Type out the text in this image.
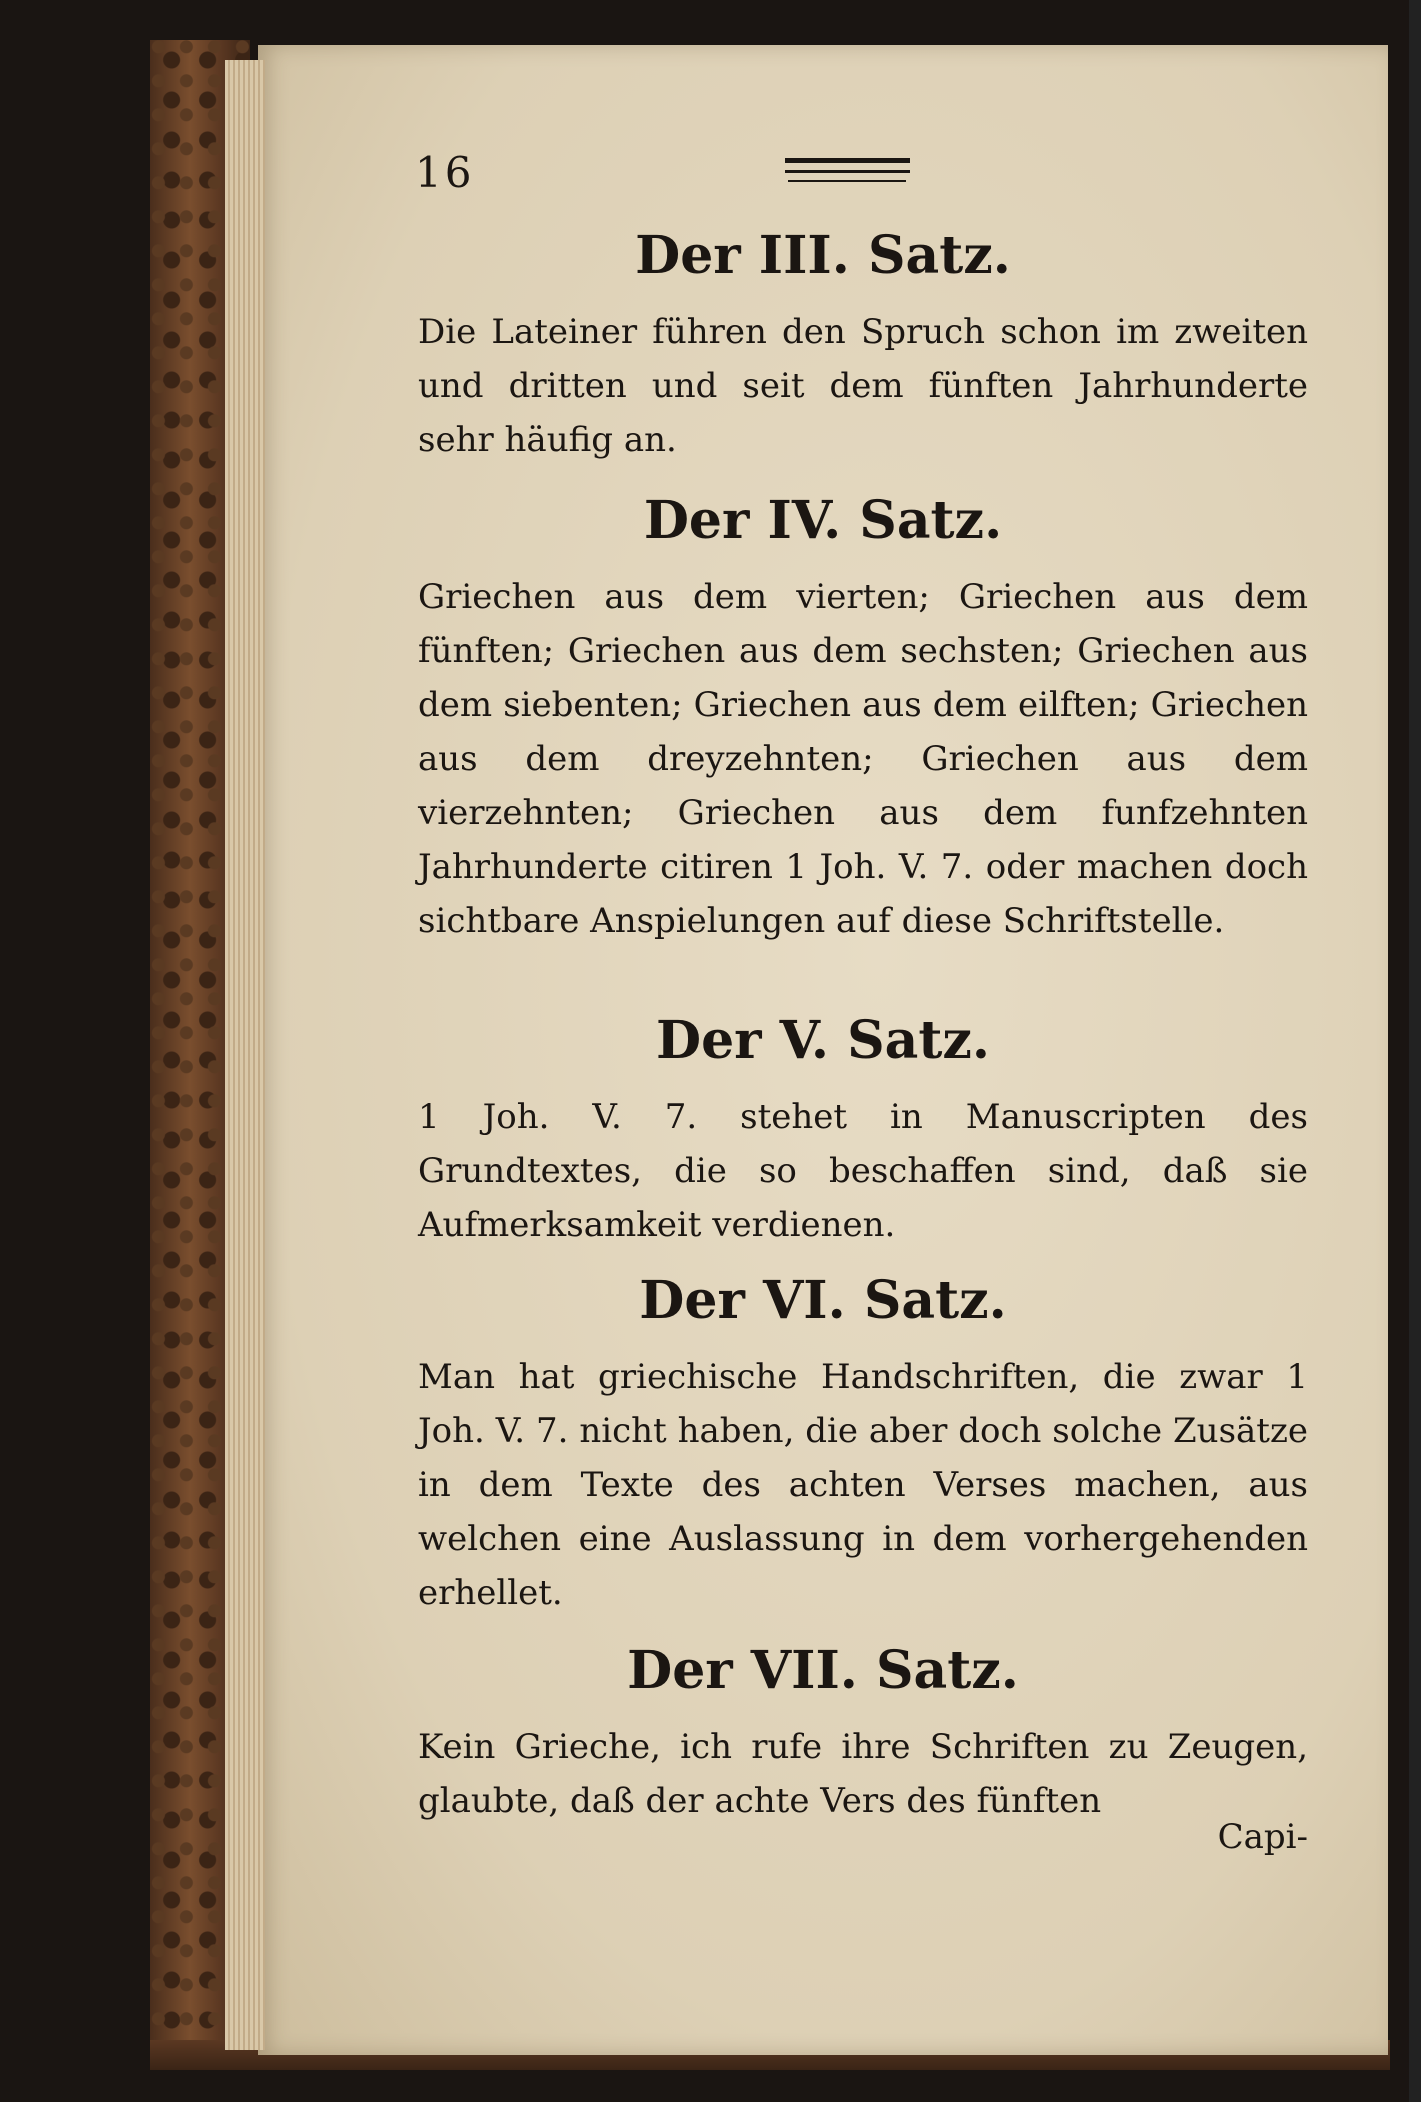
16
Der III. Satz.

Die Lateiner führen den Spruch schon im zweiten und dritten und seit dem fünften Jahrhunderte sehr häufig an.

Der IV. Satz.

Griechen aus dem vierten; Griechen aus dem fünften; Griechen aus dem sechsten; Griechen aus dem siebenten; Griechen aus dem eilften; Griechen aus dem dreyzehnten; Griechen aus dem vierzehnten; Griechen aus dem funfzehnten Jahrhunderte citiren 1 Joh. V. 7. oder machen doch sichtbare Anspielungen auf diese Schriftstelle.

Der V. Satz.

1 Joh. V. 7. stehet in Manuscripten des Grundtextes, die so beschaffen sind, daß sie Aufmerksamkeit verdienen.

Der VI. Satz.

Man hat griechische Handschriften, die zwar 1 Joh. V. 7. nicht haben, die aber doch solche Zusätze in dem Texte des achten Verses machen, aus welchen eine Auslassung in dem vorhergehenden erhellet.

Der VII. Satz.

Kein Grieche, ich rufe ihre Schriften zu Zeugen, glaubte, daß der achte Vers des fünften

Capi-
